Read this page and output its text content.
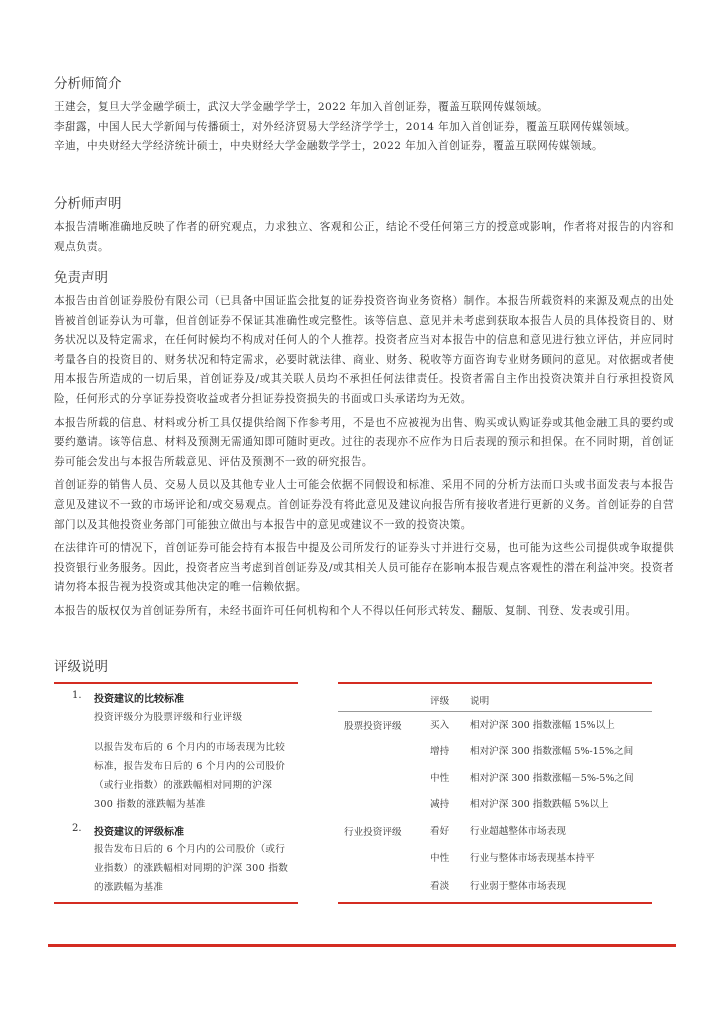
分析师简介

王建会，复旦大学金融学硕士，武汉大学金融学学士，2022 年加入首创证券，覆盖互联网传媒领域。

李甜露，中国人民大学新闻与传播硕士，对外经济贸易大学经济学学士，2014 年加入首创证券，覆盖互联网传媒领域。

辛迪，中央财经大学经济统计硕士，中央财经大学金融数学学士，2022 年加入首创证券，覆盖互联网传媒领域。

分析师声明

本报告清晰准确地反映了作者的研究观点，力求独立、客观和公正，结论不受任何第三方的授意或影响，作者将对报告的内容和观点负责。

免责声明

本报告由首创证券股份有限公司（已具备中国证监会批复的证券投资咨询业务资格）制作。本报告所载资料的来源及观点的出处皆被首创证券认为可靠，但首创证券不保证其准确性或完整性。该等信息、意见并未考虑到获取本报告人员的具体投资目的、财务状况以及特定需求，在任何时候均不构成对任何人的个人推荐。投资者应当对本报告中的信息和意见进行独立评估，并应同时考量各自的投资目的、财务状况和特定需求，必要时就法律、商业、财务、税收等方面咨询专业财务顾问的意见。对依据或者使用本报告所造成的一切后果，首创证券及/或其关联人员均不承担任何法律责任。投资者需自主作出投资决策并自行承担投资风险，任何形式的分享证券投资收益或者分担证券投资损失的书面或口头承诺均为无效。

本报告所载的信息、材料或分析工具仅提供给阁下作参考用，不是也不应被视为出售、购买或认购证券或其他金融工具的要约或要约邀请。该等信息、材料及预测无需通知即可随时更改。过往的表现亦不应作为日后表现的预示和担保。在不同时期，首创证券可能会发出与本报告所载意见、评估及预测不一致的研究报告。

首创证券的销售人员、交易人员以及其他专业人士可能会依据不同假设和标准、采用不同的分析方法而口头或书面发表与本报告意见及建议不一致的市场评论和/或交易观点。首创证券没有将此意见及建议向报告所有接收者进行更新的义务。首创证券的自营部门以及其他投资业务部门可能独立做出与本报告中的意见或建议不一致的投资决策。

在法律许可的情况下，首创证券可能会持有本报告中提及公司所发行的证券头寸并进行交易，也可能为这些公司提供或争取提供投资银行业务服务。因此，投资者应当考虑到首创证券及/或其相关人员可能存在影响本报告观点客观性的潜在利益冲突。投资者请勿将本报告视为投资或其他决定的唯一信赖依据。

本报告的版权仅为首创证券所有，未经书面许可任何机构和个人不得以任何形式转发、翻版、复制、刊登、发表或引用。

评级说明
1. 投资建议的比较标准
投资评级分为股票评级和行业评级
以报告发布后的 6 个月内的市场表现为比较标准，报告发布日后的 6 个月内的公司股价（或行业指数）的涨跌幅相对同期的沪深 300 指数的涨跌幅为基准
2. 投资建议的评级标准
报告发布日后的 6 个月内的公司股价（或行业指数）的涨跌幅相对同期的沪深 300 指数的涨跌幅为基准
评级 说明
股票投资评级	买入 相对沪深 300 指数涨幅 15%以上
增持 相对沪深 300 指数涨幅 5%-15%之间
中性 相对沪深 300 指数涨幅－5%-5%之间
减持 相对沪深 300 指数跌幅 5%以上
行业投资评级	看好 行业超越整体市场表现
中性 行业与整体市场表现基本持平
看淡 行业弱于整体市场表现
